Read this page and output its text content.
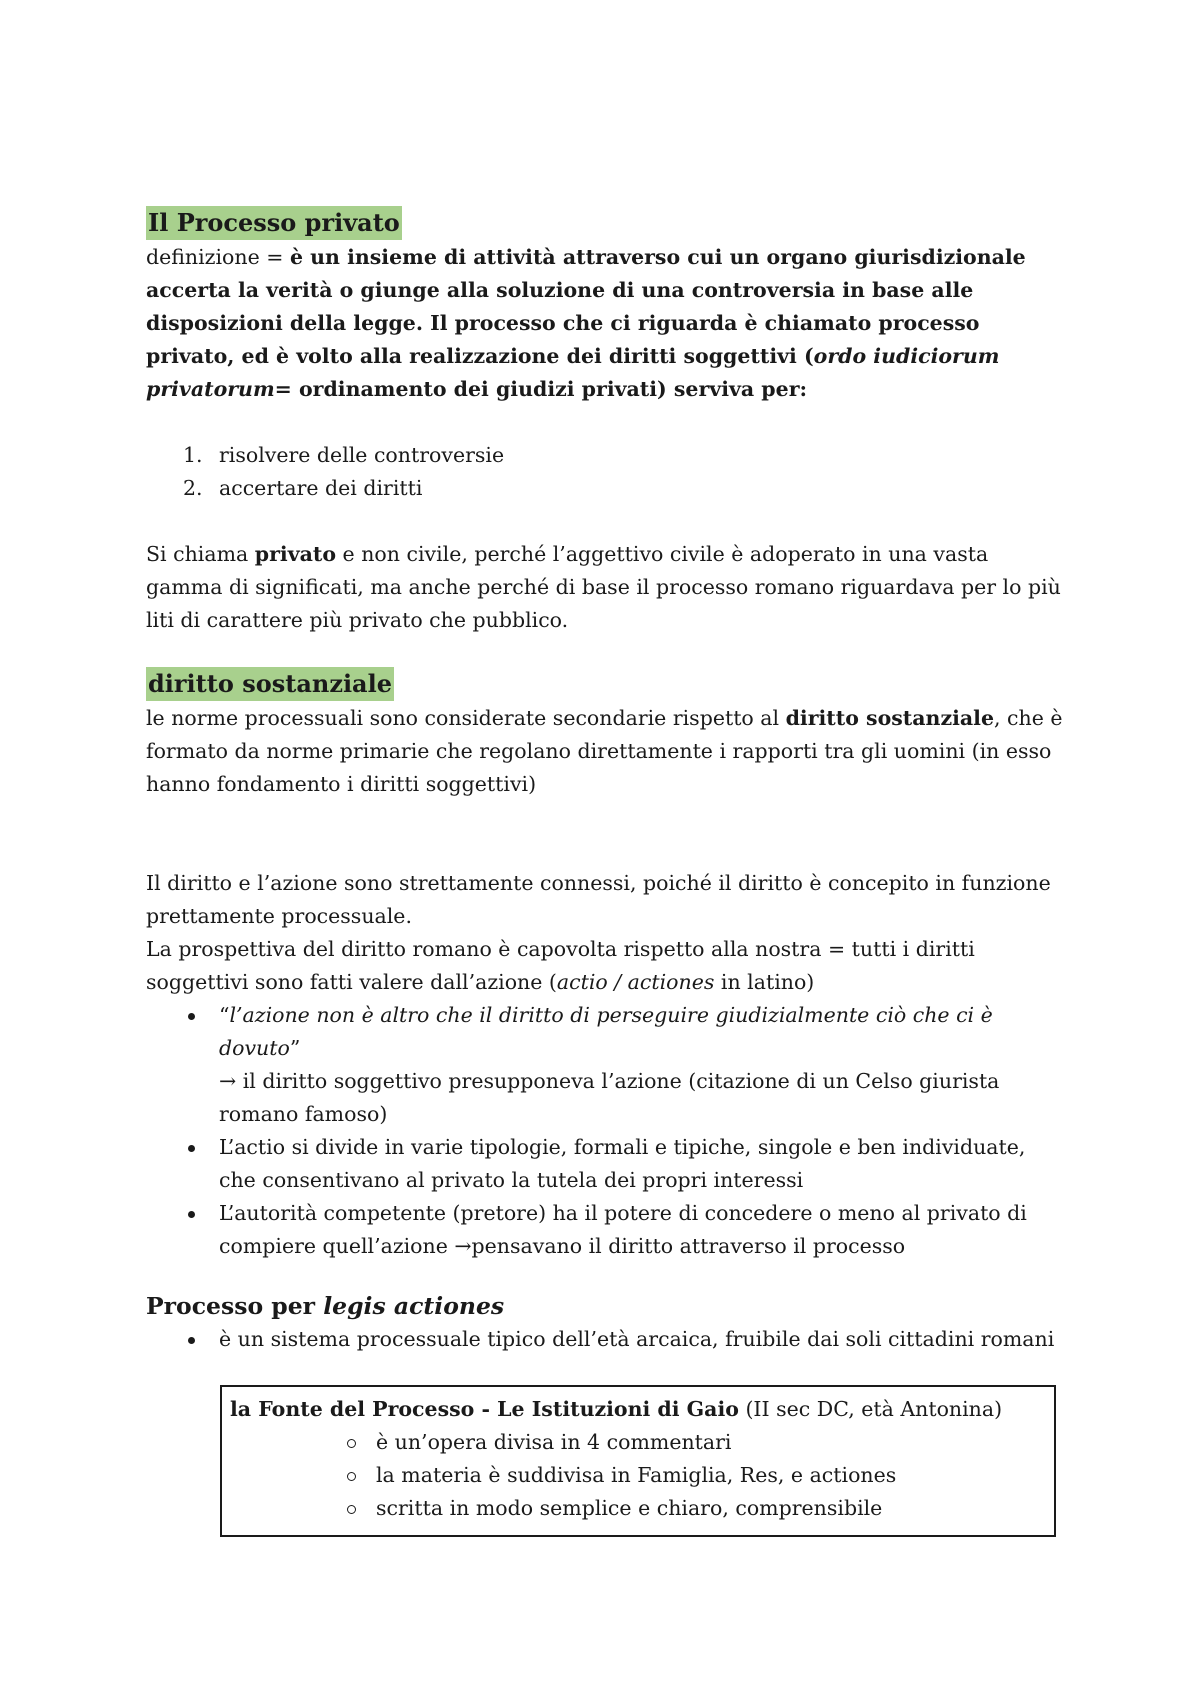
Il Processo privato

definizione = è un insieme di attività attraverso cui un organo giurisdizionale accerta la verità o giunge alla soluzione di una controversia in base alle disposizioni della legge. Il processo che ci riguarda è chiamato processo privato, ed è volto alla realizzazione dei diritti soggettivi (ordo iudiciorum privatorum= ordinamento dei giudizi privati) serviva per:

1. risolvere delle controversie
2. accertare dei diritti

Si chiama privato e non civile, perché l’aggettivo civile è adoperato in una vasta gamma di significati, ma anche perché di base il processo romano riguardava per lo più liti di carattere più privato che pubblico.

diritto sostanziale

le norme processuali sono considerate secondarie rispetto al diritto sostanziale, che è formato da norme primarie che regolano direttamente i rapporti tra gli uomini (in esso hanno fondamento i diritti soggettivi)

Il diritto e l’azione sono strettamente connessi, poiché il diritto è concepito in funzione prettamente processuale.

La prospettiva del diritto romano è capovolta rispetto alla nostra = tutti i diritti soggettivi sono fatti valere dall’azione (actio / actiones in latino)

“l’azione non è altro che il diritto di perseguire giudizialmente ciò che ci è dovuto”
→ il diritto soggettivo presupponeva l’azione (citazione di un Celso giurista romano famoso)
L’actio si divide in varie tipologie, formali e tipiche, singole e ben individuate, che consentivano al privato la tutela dei propri interessi
L’autorità competente (pretore) ha il potere di concedere o meno al privato di compiere quell’azione →pensavano il diritto attraverso il processo
Processo per legis actiones
è un sistema processuale tipico dell’età arcaica, fruibile dai soli cittadini romani

la Fonte del Processo - Le Istituzioni di Gaio (II sec DC, età Antonina)

è un’opera divisa in 4 commentari
la materia è suddivisa in Famiglia, Res, e actiones
scritta in modo semplice e chiaro, comprensibile
